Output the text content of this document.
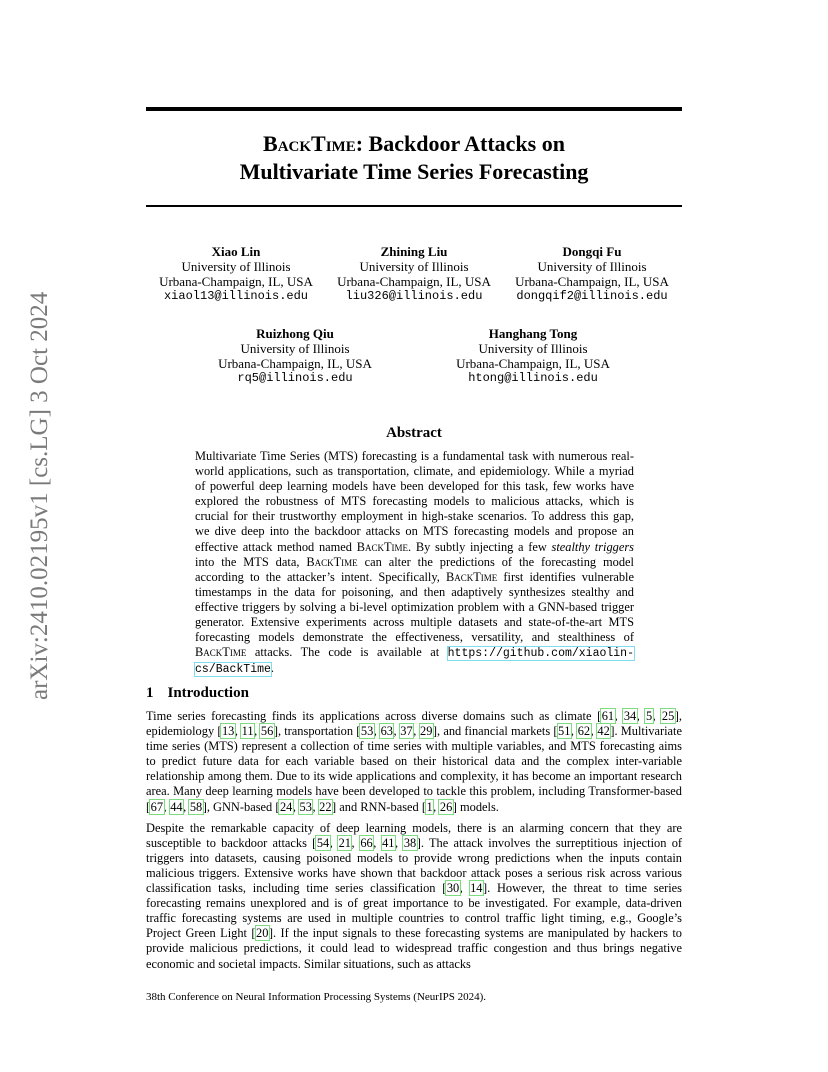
arXiv:2410.02195v1 [cs.LG] 3 Oct 2024
BackTime: Backdoor Attacks on
Multivariate Time Series Forecasting
Xiao Lin
University of Illinois
Urbana-Champaign, IL, USA
xiaol13@illinois.edu
Zhining Liu
University of Illinois
Urbana-Champaign, IL, USA
liu326@illinois.edu
Dongqi Fu
University of Illinois
Urbana-Champaign, IL, USA
dongqif2@illinois.edu
Ruizhong Qiu
University of Illinois
Urbana-Champaign, IL, USA
rq5@illinois.edu
Hanghang Tong
University of Illinois
Urbana-Champaign, IL, USA
htong@illinois.edu
Abstract

Multivariate Time Series (MTS) forecasting is a fundamental task with numerous real-world applications, such as transportation, climate, and epidemiology. While a myriad of powerful deep learning models have been developed for this task, few works have explored the robustness of MTS forecasting models to malicious attacks, which is crucial for their trustworthy employment in high-stake scenarios. To address this gap, we dive deep into the backdoor attacks on MTS forecasting models and propose an effective attack method named BackTime. By subtly injecting a few stealthy triggers into the MTS data, BackTime can alter the predictions of the forecasting model according to the attacker’s intent. Specifically, BackTime first identifies vulnerable timestamps in the data for poisoning, and then adaptively synthesizes stealthy and effective triggers by solving a bi-level optimization problem with a GNN-based trigger generator. Extensive experiments across multiple datasets and state-of-the-art MTS forecasting models demonstrate the effectiveness, versatility, and stealthiness of BackTime attacks. The code is available at https://github.com/xiaolin-cs/BackTime.

1 Introduction

Time series forecasting finds its applications across diverse domains such as climate [61, 34, 5, 25], epidemiology [13, 11, 56], transportation [53, 63, 37, 29], and financial markets [51, 62, 42]. Multivariate time series (MTS) represent a collection of time series with multiple variables, and MTS forecasting aims to predict future data for each variable based on their historical data and the complex inter-variable relationship among them. Due to its wide applications and complexity, it has become an important research area. Many deep learning models have been developed to tackle this problem, including Transformer-based [67, 44, 58], GNN-based [24, 53, 22] and RNN-based [1, 26] models.

Despite the remarkable capacity of deep learning models, there is an alarming concern that they are susceptible to backdoor attacks [54, 21, 66, 41, 38]. The attack involves the surreptitious injection of triggers into datasets, causing poisoned models to provide wrong predictions when the inputs contain malicious triggers. Extensive works have shown that backdoor attack poses a serious risk across various classification tasks, including time series classification [30, 14]. However, the threat to time series forecasting remains unexplored and is of great importance to be investigated. For example, data-driven traffic forecasting systems are used in multiple countries to control traffic light timing, e.g., Google’s Project Green Light [20]. If the input signals to these forecasting systems are manipulated by hackers to provide malicious predictions, it could lead to widespread traffic congestion and thus brings negative economic and societal impacts. Similar situations, such as attacks

38th Conference on Neural Information Processing Systems (NeurIPS 2024).
